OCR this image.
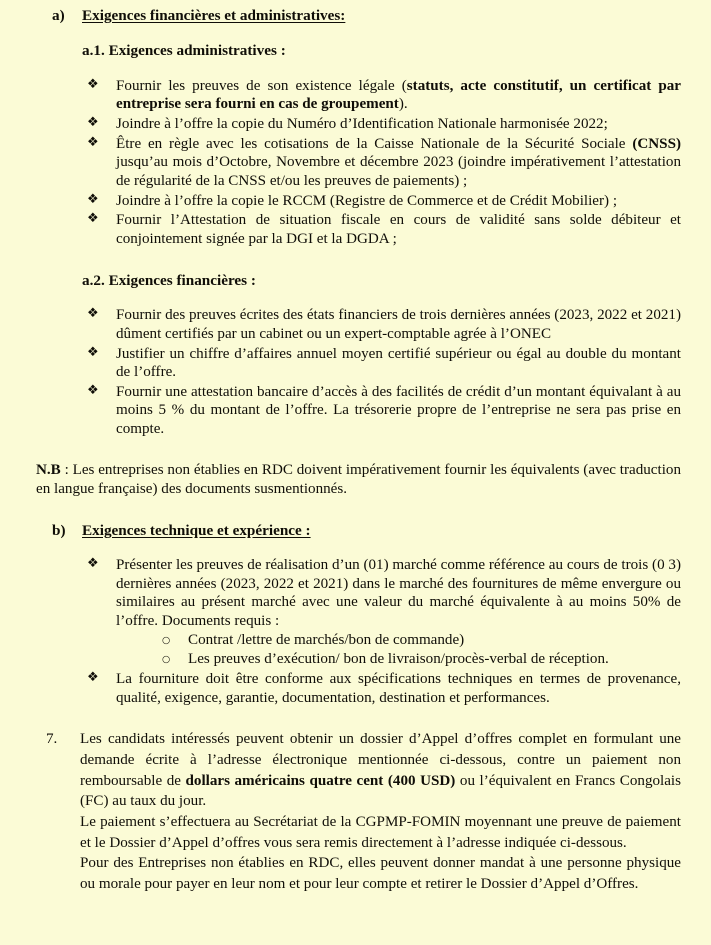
a)	Exigences financières et administratives:
a.1. Exigences administratives :
❖ Fournir les preuves de son existence légale (statuts, acte constitutif, un certificat par entreprise sera fourni en cas de groupement).
❖ Joindre à l’offre la copie du Numéro d’Identification Nationale harmonisée 2022;
❖ Être en règle avec les cotisations de la Caisse Nationale de la Sécurité Sociale (CNSS) jusqu’au mois d’Octobre, Novembre et décembre 2023 (joindre impérativement l’attestation de régularité de la CNSS et/ou les preuves de paiements) ;
❖ Joindre à l’offre la copie le RCCM (Registre de Commerce et de Crédit Mobilier) ;
❖ Fournir l’Attestation de situation fiscale en cours de validité sans solde débiteur et conjointement signée par la DGI et la DGDA ;
a.2. Exigences financières :
❖ Fournir des preuves écrites des états financiers de trois dernières années (2023, 2022 et 2021) dûment certifiés par un cabinet ou un expert-comptable agrée à l’ONEC
❖ Justifier un chiffre d’affaires annuel moyen certifié supérieur ou égal au double du montant de l’offre.
❖ Fournir une attestation bancaire d’accès à des facilités de crédit d’un montant équivalant à au moins 5 % du montant de l’offre. La trésorerie propre de l’entreprise ne sera pas prise en compte.
N.B : Les entreprises non établies en RDC doivent impérativement fournir les équivalents (avec traduction en langue française) des documents susmentionnés.
b)	Exigences technique et expérience :
❖ Présenter les preuves de réalisation d’un (01) marché comme référence au cours de trois (0 3) dernières années (2023, 2022 et 2021) dans le marché des fournitures de même envergure ou similaires au présent marché avec une valeur du marché équivalente à au moins 50% de l’offre. Documents requis :
○ Contrat /lettre de marchés/bon de commande)
○ Les preuves d’exécution/ bon de livraison/procès-verbal de réception.
❖ La fourniture doit être conforme aux spécifications techniques en termes de provenance, qualité, exigence, garantie, documentation, destination et performances.
7.	Les candidats intéressés peuvent obtenir un dossier d’Appel d’offres complet en formulant une demande écrite à l’adresse électronique mentionnée ci-dessous, contre un paiement non remboursable de dollars américains quatre cent (400 USD) ou l’équivalent en Francs Congolais (FC) au taux du jour.

Le paiement s’effectuera au Secrétariat de la CGPMP-FOMIN moyennant une preuve de paiement et le Dossier d’Appel d’offres vous sera remis directement à l’adresse indiquée ci-dessous.

Pour des Entreprises non établies en RDC, elles peuvent donner mandat à une personne physique ou morale pour payer en leur nom et pour leur compte et retirer le Dossier d’Appel d’Offres.
